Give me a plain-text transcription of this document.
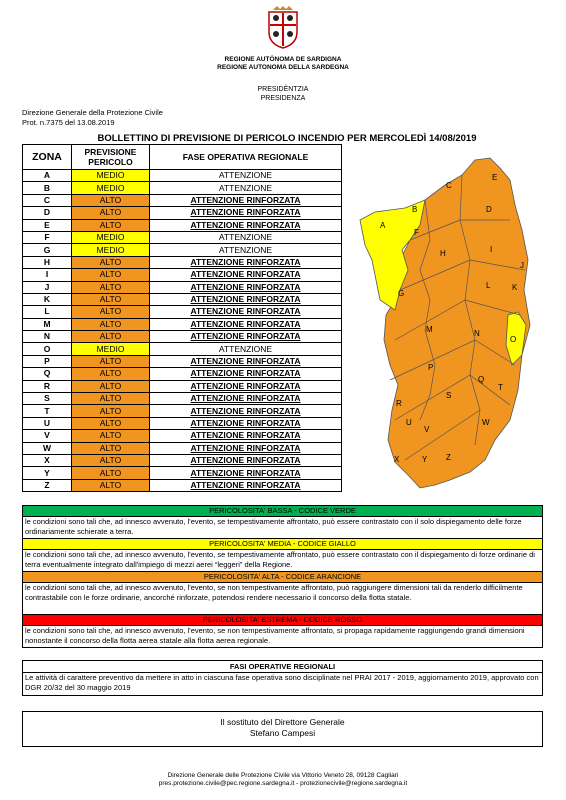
REGIONE AUTÒNOMA DE SARDIGNA
REGIONE AUTONOMA DELLA SARDEGNA
PRESIDÈNTZIA
PRESIDENZA
Direzione Generale della Protezione Civile
Prot. n.7375 del 13.08.2019
BOLLETTINO DI PREVISIONE DI PERICOLO INCENDIO PER MERCOLEDÌ 14/08/2019
ZONA	PREVISIONE PERICOLO	FASE OPERATIVA REGIONALE
A	MEDIO	ATTENZIONE
B	MEDIO	ATTENZIONE
C	ALTO	ATTENZIONE RINFORZATA
D	ALTO	ATTENZIONE RINFORZATA
E	ALTO	ATTENZIONE RINFORZATA
F	MEDIO	ATTENZIONE
G	MEDIO	ATTENZIONE
H	ALTO	ATTENZIONE RINFORZATA
I	ALTO	ATTENZIONE RINFORZATA
J	ALTO	ATTENZIONE RINFORZATA
K	ALTO	ATTENZIONE RINFORZATA
L	ALTO	ATTENZIONE RINFORZATA
M	ALTO	ATTENZIONE RINFORZATA
N	ALTO	ATTENZIONE RINFORZATA
O	MEDIO	ATTENZIONE
P	ALTO	ATTENZIONE RINFORZATA
Q	ALTO	ATTENZIONE RINFORZATA
R	ALTO	ATTENZIONE RINFORZATA
S	ALTO	ATTENZIONE RINFORZATA
T	ALTO	ATTENZIONE RINFORZATA
U	ALTO	ATTENZIONE RINFORZATA
V	ALTO	ATTENZIONE RINFORZATA
W	ALTO	ATTENZIONE RINFORZATA
X	ALTO	ATTENZIONE RINFORZATA
Y	ALTO	ATTENZIONE RINFORZATA
Z	ALTO	ATTENZIONE RINFORZATA
A
B
C
D
E
F
G
H	I
J
K
L
M	N
O
P
Q
R
S
T
U
V
W
X	Y Z
PERICOLOSITA' BASSA - CODICE VERDE
le condizioni sono tali che, ad innesco avvenuto, l'evento, se tempestivamente affrontato, può essere contrastato con il solo dispiegamento delle forze ordinariamente schierate a terra.
PERICOLOSITA' MEDIA - CODICE GIALLO
le condizioni sono tali che, ad innesco avvenuto, l'evento, se tempestivamente affrontato, può essere contrastato con il dispiegamento di forze ordinarie di terra eventualmente integrato dall'impiego di mezzi aerei “leggeri” della Regione.
PERICOLOSITA' ALTA - CODICE ARANCIONE
le condizioni sono tali che, ad innesco avvenuto, l'evento, se non tempestivamente affrontato, può raggiungere dimensioni tali da renderlo difficilmente contrastabile con le forze ordinarie, ancorché rinforzate, potendosi rendere necessario il concorso della flotta statale.
PERICOLOSITA' ESTREMA - CODICE ROSSO
le condizioni sono tali che, ad innesco avvenuto, l'evento, se non tempestivamente affrontato, si propaga rapidamente raggiungendo grandi dimensioni nonostante il concorso della flotta aerea statale alla flotta aerea regionale.
FASI OPERATIVE REGIONALI
Le attività di carattere preventivo da mettere in atto in ciascuna fase operativa sono disciplinate nel PRAI 2017 - 2019, aggiornamento 2019, approvato con DGR 20/32 del 30 maggio 2019
Il sostituto del Direttore Generale
Stefano Campesi
Direzione Generale delle Protezione Civile via Vittorio Veneto 28, 09128 Cagliari
pres.protezione.civile@pec.regione.sardegna.it - protezionecivile@regione.sardegna.it
